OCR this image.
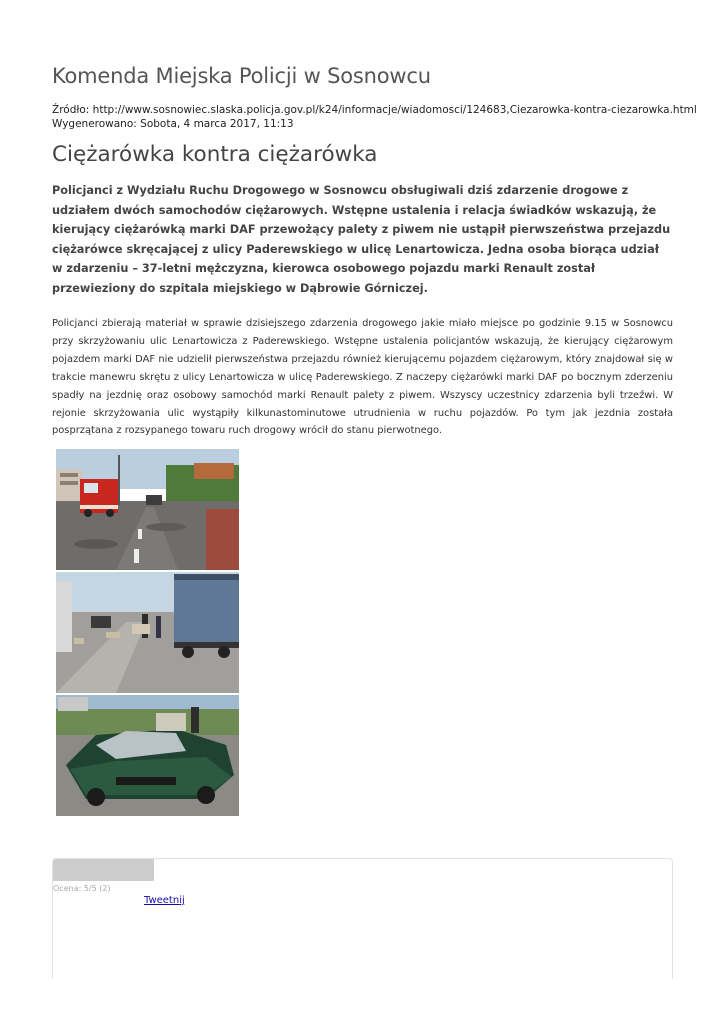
Komenda Miejska Policji w Sosnowcu
Źródło: http://www.sosnowiec.slaska.policja.gov.pl/k24/informacje/wiadomosci/124683,Ciezarowka-kontra-ciezarowka.html
Wygenerowano: Sobota, 4 marca 2017, 11:13
Ciężarówka kontra ciężarówka

Policjanci z Wydziału Ruchu Drogowego w Sosnowcu obsługiwali dziś zdarzenie drogowe z udziałem dwóch samochodów ciężarowych. Wstępne ustalenia i relacja świadków wskazują, że kierujący ciężarówką marki DAF przewożący palety z piwem nie ustąpił pierwszeństwa przejazdu ciężarówce skręcającej z ulicy Paderewskiego w ulicę Lenartowicza. Jedna osoba biorąca udział w zdarzeniu – 37-letni mężczyzna, kierowca osobowego pojazdu marki Renault został przewieziony do szpitala miejskiego w Dąbrowie Górniczej.

Policjanci zbierają materiał w sprawie dzisiejszego zdarzenia drogowego jakie miało miejsce po godzinie 9.15 w Sosnowcu przy skrzyżowaniu ulic Lenartowicza z Paderewskiego. Wstępne ustalenia policjantów wskazują, że kierujący ciężarowym pojazdem marki DAF nie udzielił pierwszeństwa przejazdu również kierującemu pojazdem ciężarowym, który znajdował się w trakcie manewru skrętu z ulicy Lenartowicza w ulicę Paderewskiego. Z naczepy ciężarówki marki DAF po bocznym zderzeniu spadły na jezdnię oraz osobowy samochód marki Renault palety z piwem. Wszyscy uczestnicy zdarzenia byli trzeźwi. W rejonie skrzyżowania ulic wystąpiły kilkunastominutowe utrudnienia w ruchu pojazdów. Po tym jak jezdnia została posprzątana z rozsypanego towaru ruch drogowy wrócił do stanu pierwotnego.

Ocena: 5/5 (2)
Tweetnij
